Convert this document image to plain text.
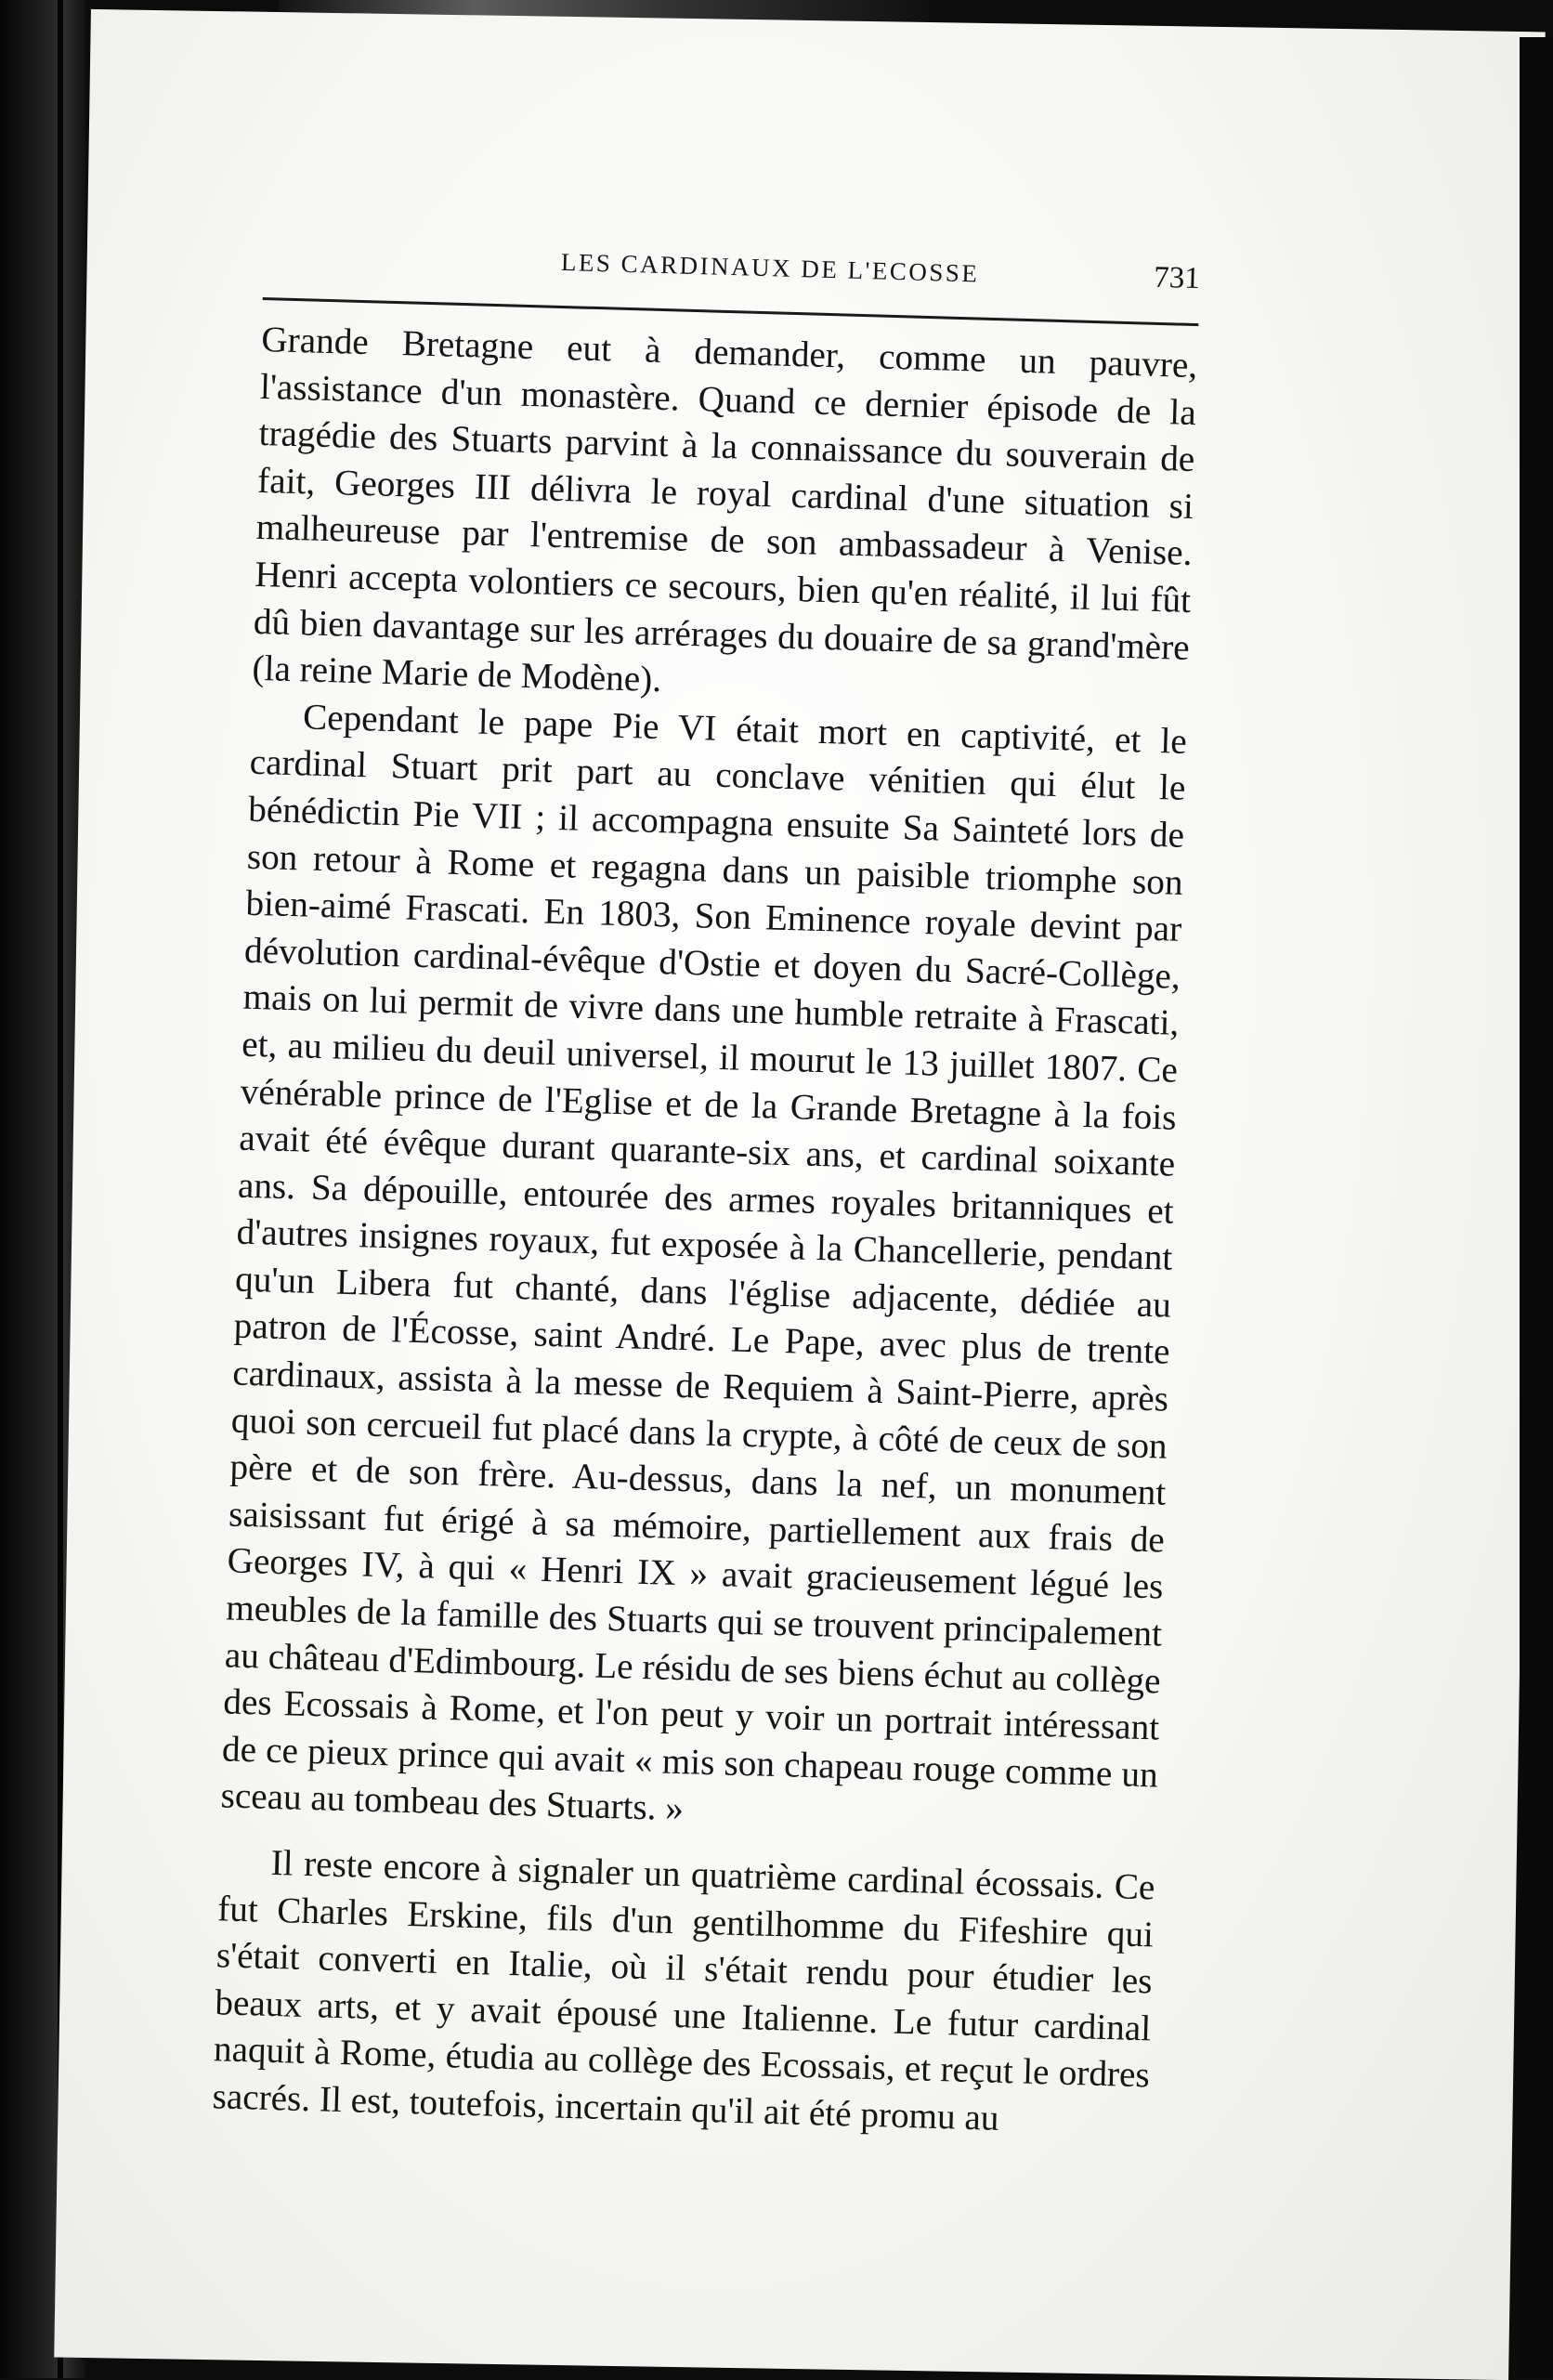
LES CARDINAUX DE L'ECOSSE	731

Grande Bretagne eut à demander, comme un pauvre, l'assistance d'un monastère. Quand ce dernier épisode de la tragédie des Stuarts parvint à la connaissance du souverain de fait, Georges III délivra le royal cardinal d'une situation si malheureuse par l'entremise de son ambassadeur à Venise. Henri accepta volontiers ce secours, bien qu'en réalité, il lui fût dû bien davantage sur les arrérages du douaire de sa grand'mère (la reine Marie de Modène).

Cependant le pape Pie VI était mort en captivité, et le cardinal Stuart prit part au conclave vénitien qui élut le bénédictin Pie VII ; il accompagna ensuite Sa Sainteté lors de son retour à Rome et regagna dans un paisible triomphe son bien-aimé Frascati. En 1803, Son Eminence royale devint par dévolution cardinal-évêque d'Ostie et doyen du Sacré-Collège, mais on lui permit de vivre dans une humble retraite à Frascati, et, au milieu du deuil universel, il mourut le 13 juillet 1807. Ce vénérable prince de l'Eglise et de la Grande Bretagne à la fois avait été évêque durant quarante-six ans, et cardinal soixante ans. Sa dépouille, entourée des armes royales britanniques et d'autres insignes royaux, fut exposée à la Chancellerie, pendant qu'un Libera fut chanté, dans l'église adjacente, dédiée au patron de l'Écosse, saint André. Le Pape, avec plus de trente cardinaux, assista à la messe de Requiem à Saint-Pierre, après quoi son cercueil fut placé dans la crypte, à côté de ceux de son père et de son frère. Au-dessus, dans la nef, un monument saisissant fut érigé à sa mémoire, partiellement aux frais de Georges IV, à qui « Henri IX » avait gracieusement légué les meubles de la famille des Stuarts qui se trouvent principalement au château d'Edimbourg. Le résidu de ses biens échut au collège des Ecossais à Rome, et l'on peut y voir un portrait intéressant de ce pieux prince qui avait « mis son chapeau rouge comme un sceau au tombeau des Stuarts. »

Il reste encore à signaler un quatrième cardinal écossais. Ce fut Charles Erskine, fils d'un gentilhomme du Fifeshire qui s'était converti en Italie, où il s'était rendu pour étudier les beaux arts, et y avait épousé une Italienne. Le futur cardinal naquit à Rome, étudia au collège des Ecossais, et reçut le ordres sacrés. Il est, toutefois, incertain qu'il ait été promu au
